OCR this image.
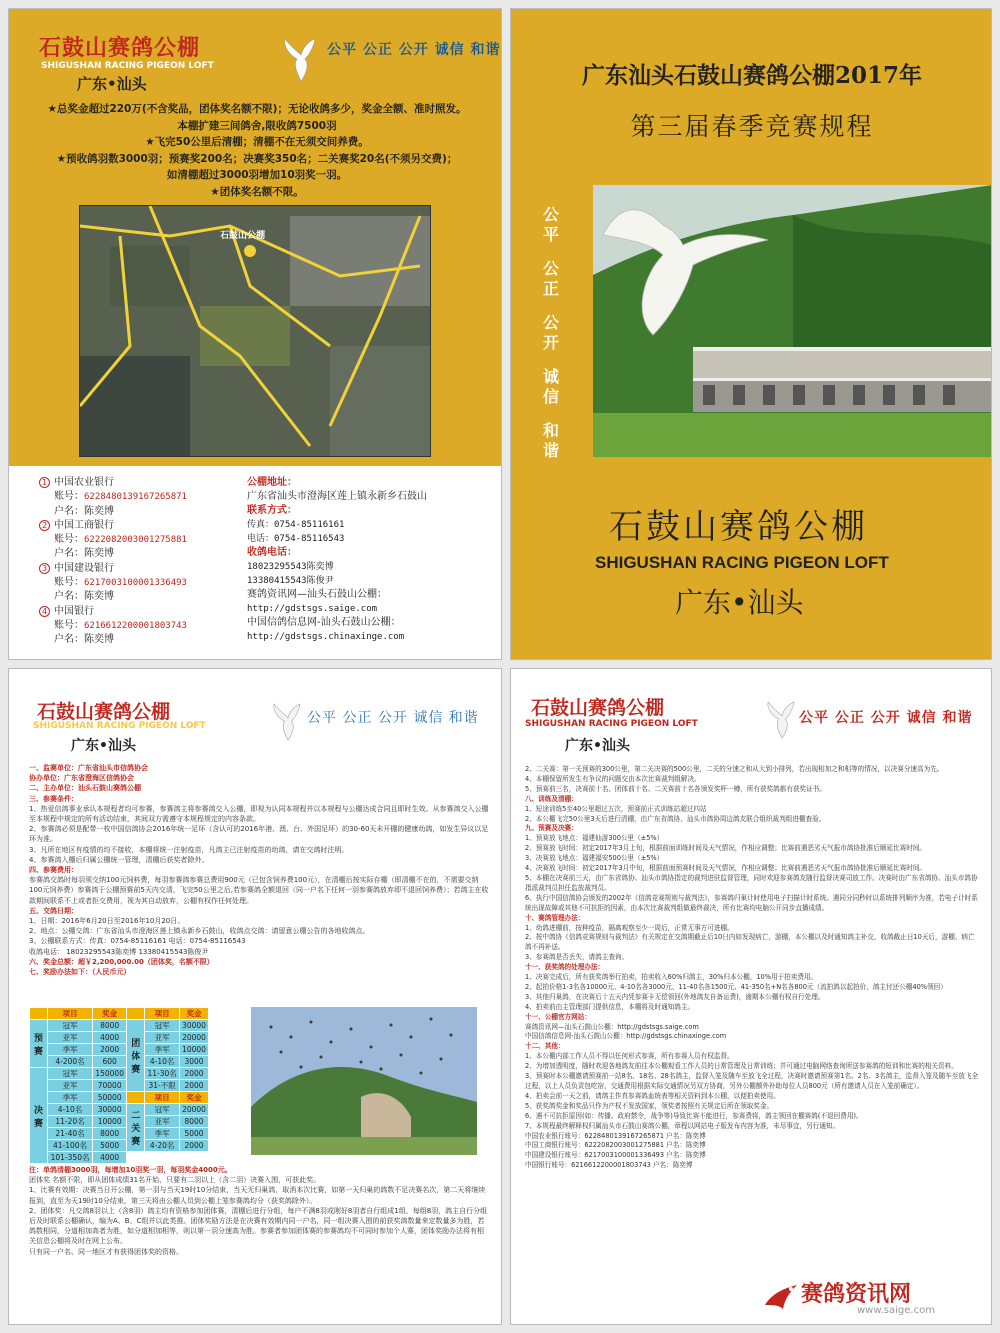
石鼓山赛鸽公棚
SHIGUSHAN RACING PIGEON LOFT
广东•汕头
公平 公正 公开 诚信 和谐
★总奖金超过220万(不含奖品，团体奖名额不限)；无论收鸽多少，奖金全额、准时照发。
本棚扩建三间鸽舍,限收鸽7500羽
★飞完50公里后清棚；清棚不在无须交间养费。
★预收鸽羽数3000羽；预赛奖200名；决赛奖350名；二关赛奖20名(不须另交费)；
如清棚超过3000羽增加10羽奖一羽。
★团体奖名额不限。
石鼓山公棚
1 中国农业银行
账号：6228480139167265871
户名：陈奕博
2 中国工商银行
账号：6222082003001275881
户名：陈奕博
3 中国建设银行
账号：6217003100001336493
户名：陈奕博
4 中国银行
账号：6216612200001803743
户名：陈奕博
公棚地址：
广东省汕头市澄海区莲上镇永新乡石鼓山
联系方式：
传真：0754-85116161
电话：0754-85116543
收鸽电话：
18023295543陈奕博
13380415543陈俊尹
赛鸽资讯网—汕头石鼓山公棚：
http://gdstsgs.saige.com
中国信鸽信息网-汕头石鼓山公棚：
http://gdstsgs.chinaxinge.com
广东汕头石鼓山赛鸽公棚2017年
第三届春季竞赛规程
公平
公正
公开
诚信
和谐
石鼓山赛鸽公棚
SHIGUSHAN RACING PIGEON LOFT
广东•汕头
石鼓山赛鸽公棚
SHIGUSHAN RACING PIGEON LOFT
广东•汕头
公平 公正 公开 诚信 和谐
一、监赛单位：广东省汕头市信鸽协会
协办单位：广东省澄海区信鸽协会
二、主办单位：汕头石鼓山赛鸽公棚
三、参赛条件：
1、热爱信鸽事业承认本规程者均可参赛，参赛鸽主将参赛鸽交入公棚，即视为认同本规程并以本规程与公棚达成合同且即时生效。从参赛鸽交入公棚至本规程中规定的所有活动结束，其间双方需遵守本规程规定的内容条款。
2、参赛鸽必须是配带一枚中国信鸽协会2016年统一足环（含认可的2016年港、澳、台、外国足环）的30-60天未开棚的健康幼鸽，如发生异议以足环为准。
3、凡所在地区有疫情的均不接收，本棚将统一注射疫苗，凡鸽主已注射疫苗的幼鸽，请在交鸽时注明。
4、参赛鸽入棚后归属公棚统一管理，清棚后获奖者除外。
四、参赛费用：
参赛鸽交鸽时每羽须交纳100元饲料费，每羽参赛鸽参赛总费用900元（已包含饲养费100元），在清棚后按实际存棚（即清棚不在的，不需要交纳100元饲养费）参赛鸽于公棚预赛前5天内交清，飞完50公里之后,若参赛鸽全额退回（同一户名下任何一羽参赛鸽放弃即不退回饲养费）；若鸽主在收款期间联系不上或者拒交费用，视为其自动放弃，公棚有权作任何处理。
五、交鸽日期：
1、日期：2016年6月20日至2016年10月20日。
2、地点：公棚交鸽：广东省汕头市澄海区莲上镇永新乡石鼓山，收鸽点交鸽：请留意公棚公告的各地收鸽点。
3、公棚联系方式：传真：0754-85116161 电话：0754-85116543
收鸽电话： 18023295543陈奕博 13380415543陈俊尹
六、奖金总额：超￥2,200,000.00（团体奖，名额不限）
七、奖励办法如下：（人民币元）
	项目	奖金		项目	奖金
预赛	冠军	8000	团体赛	冠军	30000
	亚军	4000		亚军	20000
	季军	2000		季军	10000
	4-200名	600		4-10名	3000
决赛	冠军	150000		11-30名	2000
	亚军	70000		31-不限	2000
	季军	50000		项目	奖金
	4-10名	30000	二关赛	冠军	20000
	11-20名	10000		亚军	8000
	21-40名	8000		季军	5000
	41-100名	5000		4-20名	2000
	101-350名	4000			
注：单鸽清棚3000羽，每增加10羽奖一羽，每羽奖金4000元。
团体奖 名额不限，即从团体成绩31名开始，只要有二羽以上（含二羽）决赛入围，可获此奖。
1、比赛有效期：决赛当日开公棚，第一羽与当天19时10分结束，当天无归巢鸽，取消本次比赛，如第一天归巢的鸽数不足决赛名次，第二天将继续报到，直至为天19时10分结束，第三天将由公棚人员到公棚上笼参赛鸽均分（获奖鸽除外）。
2、团体奖：凡交鸽8羽以上（含8羽）鸽主均有资格参加团体赛，清棚后进行分组，每户不满8羽或刚好8羽者自行组成1组，每组8羽，鸽主自行分组后及时联系公棚确认，编为A、B、C组并以此类推。团体奖励方法是在决赛有效期内同一户名，同一组决赛入围的前获奖鸽数量来定数量多为胜，若鸽数相同，分道相加高者为胜，如分道相加相等，则以第一羽分速高为胜。参赛者参加团体赛的参赛鸽均不可同时参加个人赛，团体奖励办法将有相关信息公棚将及时在网上公布。
只有同一户名、同一地区才有获得团体奖的资格。
石鼓山赛鸽公棚
SHIGUSHAN RACING PIGEON LOFT
广东•汕头
公平 公正 公开 诚信 和谐
2、二关赛：第一关预赛的300公里，第二关决赛的500公里，二关的分速之和从大到小排列，若出现相加之和相等的情况，以决赛分速高为先。
4、本棚保留所发生有争议的问题交由本次比赛裁判组解决。
5、预赛前三名，决赛前十名、团体前十名、二关赛前十名各颁发奖杯一樽，所有获奖鸽都有获奖证书。
八、训练及清棚：
1、短途训练5至40公里超过五次，预赛前正式训练站超过四站
2、本公棚飞完50公里3天后进行清棚，由广东省鸽协、汕头市鸽协周边鸽友联合组织裁判组进棚查验。
九、预赛及决赛：
1、预赛放飞地点：福建仙游300公里（±5%）
2、预赛放飞时间：初定2017年3月上旬，根据前面训练时间及天气情况，作相应调整；比赛前遇恶劣天气报市鸽协批准后顺延比赛时间。
3、决赛放飞地点：福建福安500公里（±5%）
4、决赛放飞时间：初定2017年3月中旬，根据前面预赛时间及天气情况，作相应调整；比赛前遇恶劣天气报市鸽协批准后顺延比赛时间。
5、本棚在决赛前三天，由广东省鸽协、汕头市鸽协指定的裁判进驻监督管理，同时欢迎参赛鸽友随行监督决赛司放工作。决赛时由广东省鸽协、汕头市鸽协指派裁判员担任监放裁判员。
6、执行中国信鸽协会颁发的2002年《信鸽竞赛规则与裁判法》，参赛鸽归巢计时使用电子扫描计时系统。遇同分同秒时以系统排列顺序为准，若电子计时系统出现故障或其他不可抗拒的因素，由本次比赛裁判组做最终裁决，所有比赛均电脑公开同步直播成绩。
十、赛鸽管理办法：
1、幼鸽进棚前，按种疫苗，隔离观察至少一周后，正常无事方可进棚。
2、按中鸽协《信鸽竞赛规则与裁判法》有关规定在交鸽期截止后10日内如发现病亡，游棚，本公棚以及时通知鸽主补交，收鸽截止日10天后，游棚、病亡鸽不再补送。
3、参赛鸽是否丢失，请鸽主查询。
十一、获奖鸽的处理办法：
1、决赛完成后，所有获奖鸽举行拍卖，拍卖收入60%归鸽主，30%归本公棚，10%用于拍卖费用。
2、起拍价格1-3名各10000元、4-10名各3000元、11-40名各1500元、41-350名+N名各800元（流拍鸽以起拍价，鸽主付还公棚40%领回）
3、其他归巢鸽，在决赛后十五天内凭参赛卡无偿领回(外地鸽友自备运费)，逾期本公棚有权自行处理。
4、拍卖前由主管理部门提供信息，本棚将及时通知鸽主。
十一、公棚官方网站：
赛鸽资讯网—汕头石鼓山公棚：http://gdstsgs.saige.com
中国信鸽信息网-汕头石鼓山公棚：http://gdstsgs.chinaxinge.com
十二、其他：
1、本公棚内部工作人员不得以任何形式参赛，所有参赛人员有权监督。
2、为增加透明度，随时欢迎各地鸽友前往本公棚观看工作人员的日常管理及日常训练；并可通过电脑网络查询所送参赛鸽的短训和比赛的相关资料。
3、预赛时本公棚邀请预赛前一站8名、18名、28名鸽主，监督入笼及随车至放飞全过程，决赛时邀请预赛第1名、2名、3名鸽主，监督入笼及随车至放飞全过程，以上人员负责包吃宿，交通费用根据实际交通情况另双方协商，另外公棚额外补助每位人员800元（所有邀请人员在入笼前确定）。
4、拍卖会前一天之前，请鸽主作真参赛鸽血统表等相关资料到本公棚，以便拍卖使用。
5、获奖鸽奖金和奖品只作为产权不发放国家，领奖者按照有关规定后所在领取奖金。
6、遇不可抗拒原因(如：传播。政府禁令，战争等)导致比赛不能进行，参赛费将，鸽主领回在棚赛鸽(不退回费用)。
7、本规程最终解释权归属汕头市石鼓山赛鸽公棚，章程以网站电子版发布内容为准，未尽事宜，另行通知。
中国农业银行账号：6228480139167265871 户名：陈奕博
中国工商银行账号：6222082003001275881 户名：陈奕博
中国建设银行账号：6217003100001336493 户名：陈奕博
中国银行账号：6216612200001803743 户名：陈奕博
赛鸽资讯网
www.saige.com
